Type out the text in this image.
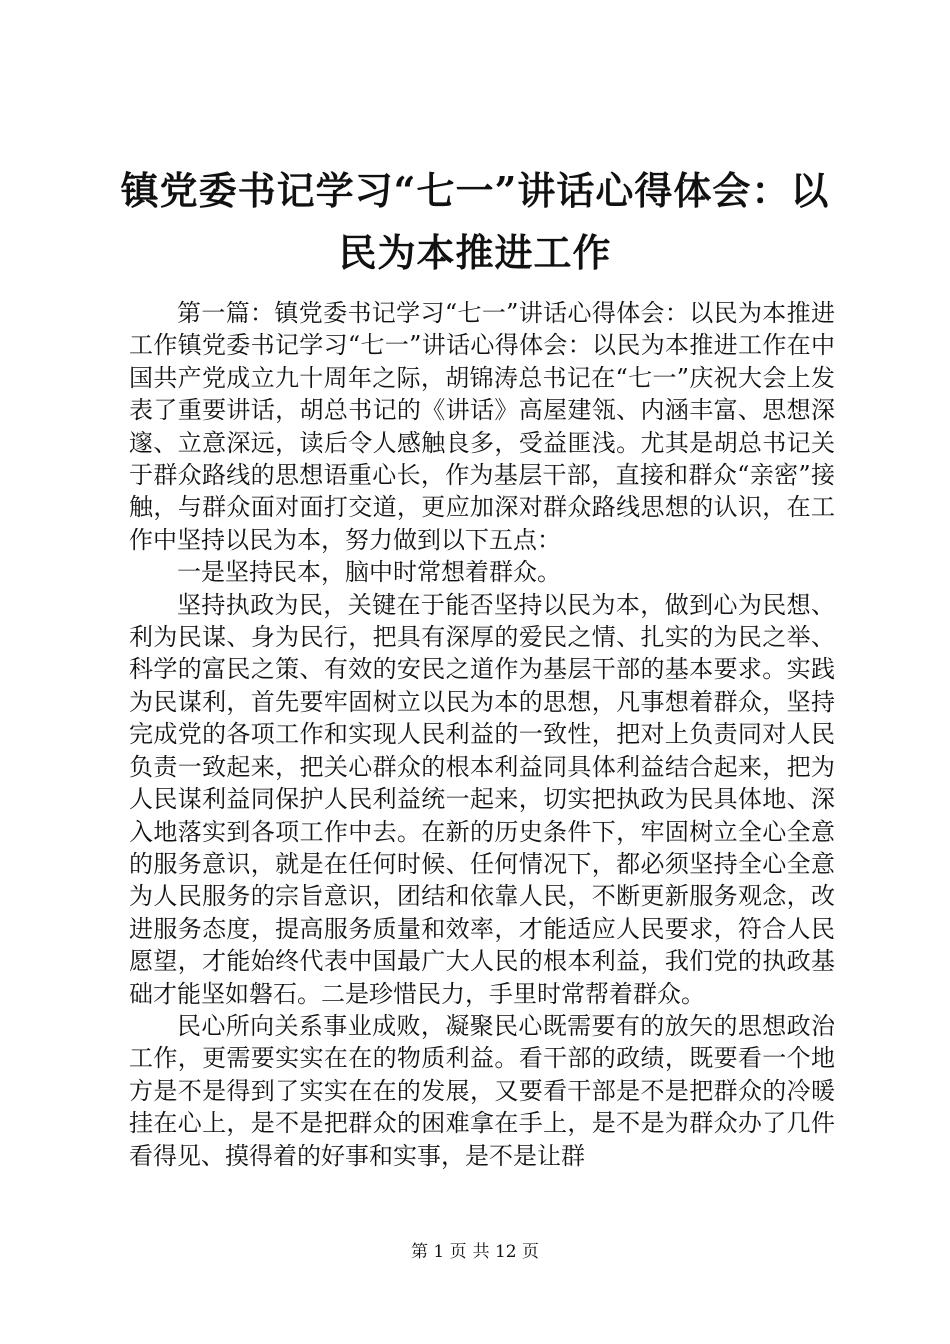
镇党委书记学习“七一”讲话心得体会：以民为本推进工作

第一篇：镇党委书记学习“七一”讲话心得体会：以民为本推进工作镇党委书记学习“七一”讲话心得体会：以民为本推进工作在中国共产党成立九十周年之际，胡锦涛总书记在“七一”庆祝大会上发表了重要讲话，胡总书记的《讲话》高屋建瓴、内涵丰富、思想深邃、立意深远，读后令人感触良多，受益匪浅。尤其是胡总书记关于群众路线的思想语重心长，作为基层干部，直接和群众“亲密”接触，与群众面对面打交道，更应加深对群众路线思想的认识，在工作中坚持以民为本，努力做到以下五点：

一是坚持民本，脑中时常想着群众。

坚持执政为民，关键在于能否坚持以民为本，做到心为民想、利为民谋、身为民行，把具有深厚的爱民之情、扎实的为民之举、科学的富民之策、有效的安民之道作为基层干部的基本要求。实践为民谋利，首先要牢固树立以民为本的思想，凡事想着群众，坚持完成党的各项工作和实现人民利益的一致性，把对上负责同对人民负责一致起来，把关心群众的根本利益同具体利益结合起来，把为人民谋利益同保护人民利益统一起来，切实把执政为民具体地、深入地落实到各项工作中去。在新的历史条件下，牢固树立全心全意的服务意识，就是在任何时候、任何情况下，都必须坚持全心全意为人民服务的宗旨意识，团结和依靠人民，不断更新服务观念，改进服务态度，提高服务质量和效率，才能适应人民要求，符合人民愿望，才能始终代表中国最广大人民的根本利益，我们党的执政基础才能坚如磐石。二是珍惜民力，手里时常帮着群众。

民心所向关系事业成败，凝聚民心既需要有的放矢的思想政治工作，更需要实实在在的物质利益。看干部的政绩，既要看一个地方是不是得到了实实在在的发展，又要看干部是不是把群众的冷暖挂在心上，是不是把群众的困难拿在手上，是不是为群众办了几件看得见、摸得着的好事和实事，是不是让群

第 1 页 共 12 页
